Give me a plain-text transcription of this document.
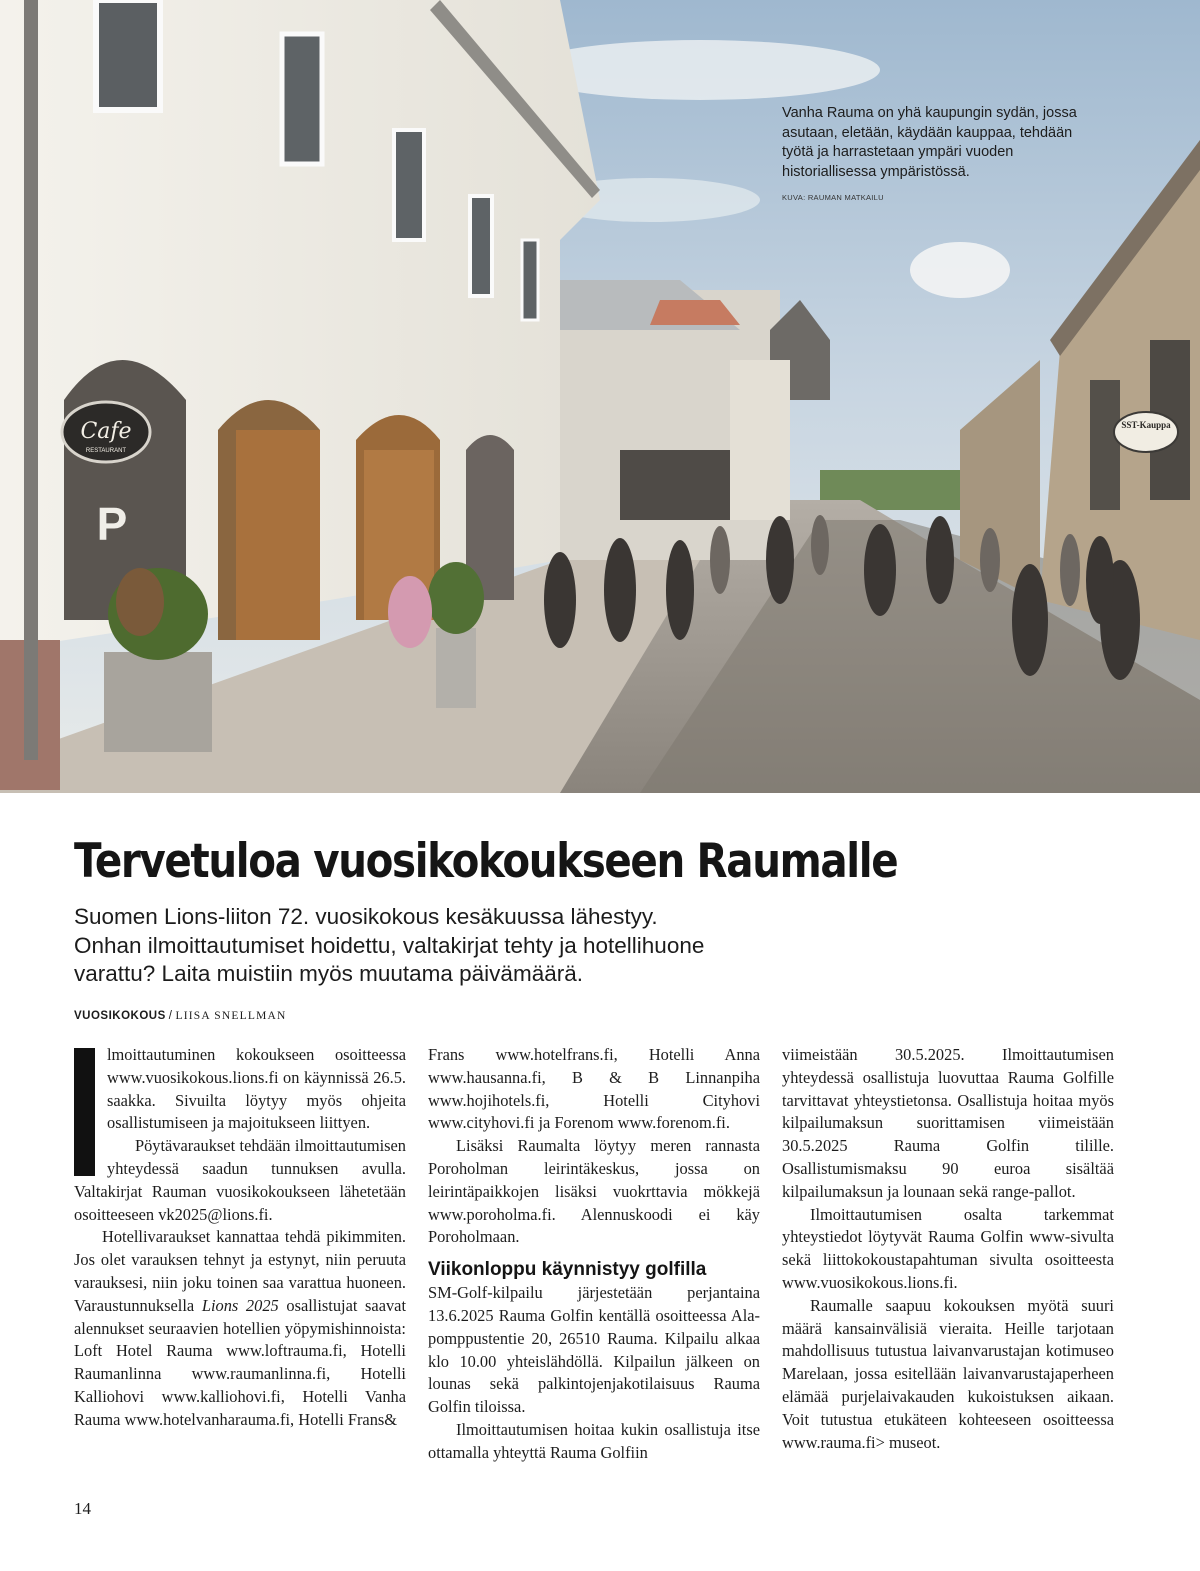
Cafe
RESTAURANT
P
SST-Kauppa
Vanha Rauma on yhä kaupungin sydän, jossa asutaan, eletään, käydään kauppaa, tehdään työtä ja harrastetaan ympäri vuoden historiallisessa ympäristössä.
KUVA: RAUMAN MATKAILU
Tervetuloa vuosikokoukseen Raumalle

Suomen Lions-liiton 72. vuosikokous kesäkuussa lähestyy. Onhan ilmoittautumiset hoidettu, valtakirjat tehty ja hotellihuone varattu? Laita muistiin myös muutama päivämäärä.

VUOSIKOKOUS / LIISA SNELLMAN

lmoittautuminen kokoukseen osoitteessa www.vuosikokous.lions.fi on käynnissä 26.5. saakka. Sivuilta löytyy myös ohjeita osallistumiseen ja majoitukseen liittyen.

Pöytävaraukset tehdään ilmoittautumisen yhteydessä saadun tunnuksen avulla. Valtakirjat Rauman vuosikokoukseen lähetetään osoitteeseen vk2025@lions.fi.

Hotellivaraukset kannattaa tehdä pikimmiten. Jos olet varauksen tehnyt ja estynyt, niin peruuta varauksesi, niin joku toinen saa varattua huoneen. Varaustunnuksella Lions 2025 osallistujat saavat alennukset seuraavien hotellien yöpymishinnoista: Loft Hotel Rauma www.loftrauma.fi, Hotelli Raumanlinna www.raumanlinna.fi, Hotelli Kalliohovi www.kalliohovi.fi, Hotelli Vanha Rauma www.hotelvanharauma.fi, Hotelli Frans&

Frans www.hotelfrans.fi, Hotelli Anna www.hausanna.fi, B & B Linnanpiha www.hojihotels.fi, Hotelli Cityhovi www.cityhovi.fi ja Forenom www.forenom.fi.

Lisäksi Raumalta löytyy meren rannasta Poroholman leirintäkeskus, jossa on leirintäpaikkojen lisäksi vuokrttavia mökkejä www.poroholma.fi. Alennuskoodi ei käy Poroholmaan.

Viikonloppu käynnistyy golfilla

SM-Golf-kilpailu järjestetään perjantaina 13.6.2025 Rauma Golfin kentällä osoitteessa Ala-pomppustentie 20, 26510 Rauma. Kilpailu alkaa klo 10.00 yhteislähdöllä. Kilpailun jälkeen on lounas sekä palkintojenjakotilaisuus Rauma Golfin tiloissa.

Ilmoittautumisen hoitaa kukin osallistuja itse ottamalla yhteyttä Rauma Golfiin

viimeistään 30.5.2025. Ilmoittautumisen yhteydessä osallistuja luovuttaa Rauma Golfille tarvittavat yhteystietonsa. Osallistuja hoitaa myös kilpailumaksun suorittamisen viimeistään 30.5.2025 Rauma Golfin tilille. Osallistumismaksu 90 euroa sisältää kilpailumaksun ja lounaan sekä range-pallot.

Ilmoittautumisen osalta tarkemmat yhteystiedot löytyvät Rauma Golfin www-sivulta sekä liittokokoustapahtuman sivulta osoitteesta www.vuosikokous.lions.fi.

Raumalle saapuu kokouksen myötä suuri määrä kansainvälisiä vieraita. Heille tarjotaan mahdollisuus tutustua laivanvarustajan kotimuseo Marelaan, jossa esitellään laivanvarustajaperheen elämää purjelaivakauden kukoistuksen aikaan. Voit tutustua etukäteen kohteeseen osoitteessa www.rauma.fi> museot.

14
